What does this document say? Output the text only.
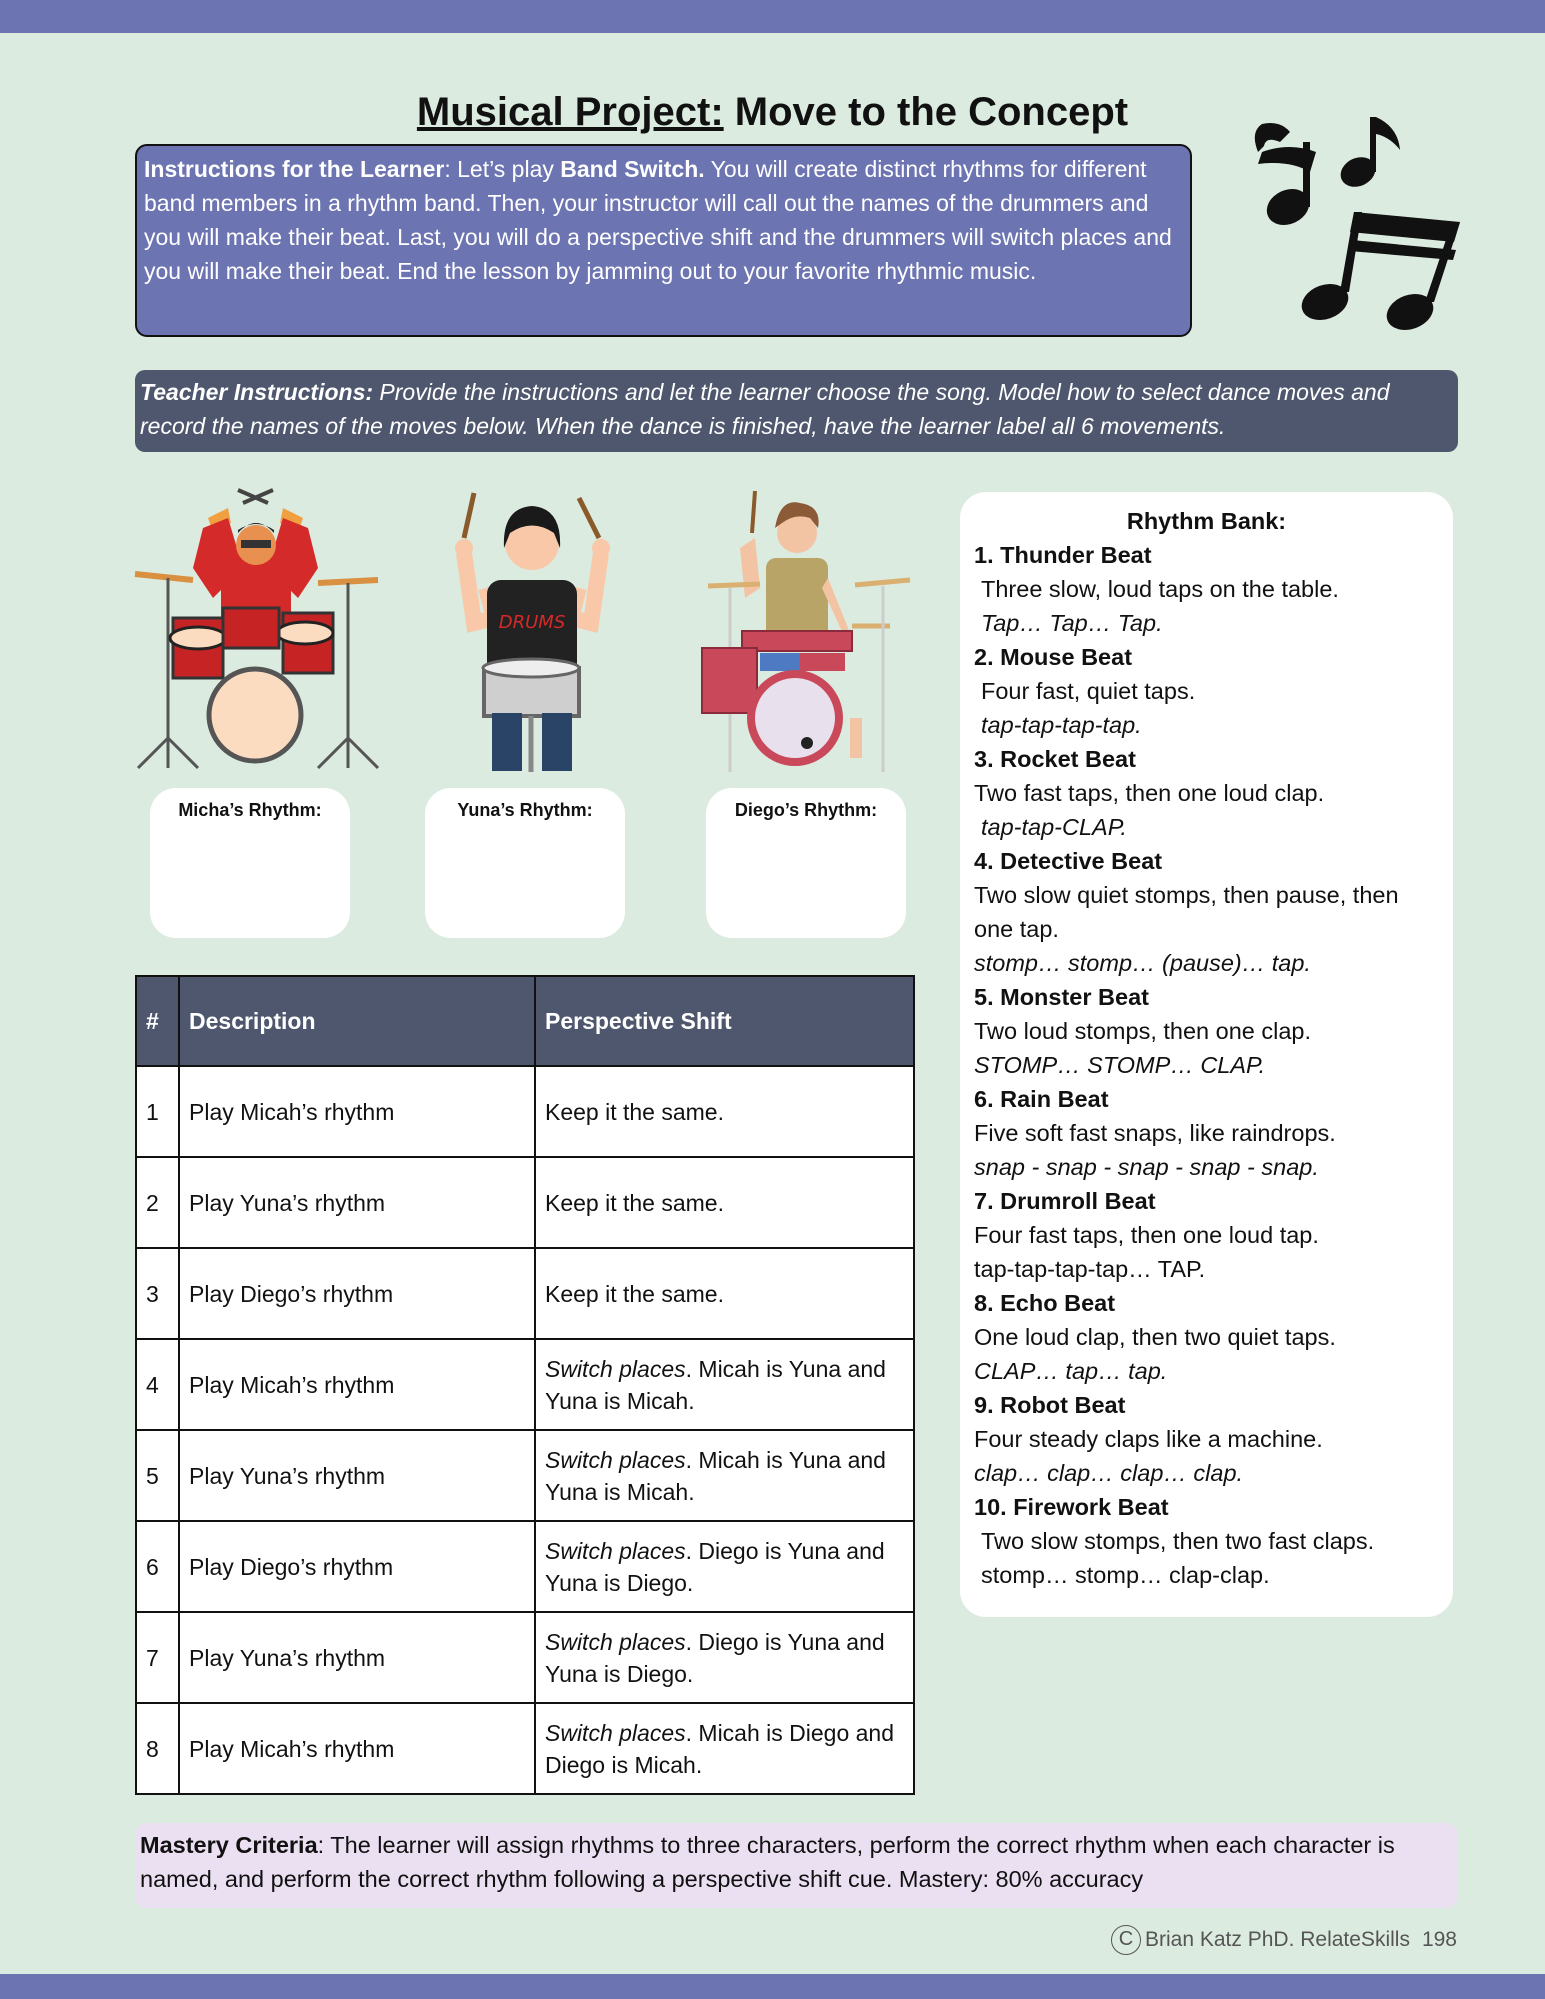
Musical Project: Move to the Concept
Instructions for the Learner: Let’s play Band Switch. You will create distinct rhythms for different band members in a rhythm band. Then, your instructor will call out the names of the drummers and you will make their beat. Last, you will do a perspective shift and the drummers will switch places and you will make their beat. End the lesson by jamming out to your favorite rhythmic music.
Teacher Instructions: Provide the instructions and let the learner choose the song. Model how to select dance moves and record the names of the moves below. When the dance is finished, have the learner label all 6 movements.
DRUMS
Micha’s Rhythm:	Yuna’s Rhythm:	Diego’s Rhythm:
Rhythm Bank:
1. Thunder Beat
Three slow, loud taps on the table.
Tap… Tap… Tap.
2. Mouse Beat
Four fast, quiet taps.
tap-tap-tap-tap.
3. Rocket Beat
Two fast taps, then one loud clap.
tap-tap-CLAP.
4. Detective Beat
Two slow quiet stomps, then pause, then one tap.
stomp… stomp… (pause)… tap.
5. Monster Beat
Two loud stomps, then one clap.
STOMP… STOMP… CLAP.
6. Rain Beat
Five soft fast snaps, like raindrops.
snap - snap - snap - snap - snap.
7. Drumroll Beat
Four fast taps, then one loud tap.
tap-tap-tap-tap… TAP.
8. Echo Beat
One loud clap, then two quiet taps.
CLAP… tap… tap.
9. Robot Beat
Four steady claps like a machine.
clap… clap… clap… clap.
10. Firework Beat
Two slow stomps, then two fast claps.
stomp… stomp… clap-clap.
#	Description	Perspective Shift
1	Play Micah’s rhythm	Keep it the same.
2	Play Yuna’s rhythm	Keep it the same.
3	Play Diego’s rhythm	Keep it the same.
4	Play Micah’s rhythm	Switch places. Micah is Yuna and Yuna is Micah.
5	Play Yuna’s rhythm	Switch places. Micah is Yuna and Yuna is Micah.
6	Play Diego’s rhythm	Switch places. Diego is Yuna and Yuna is Diego.
7	Play Yuna’s rhythm	Switch places. Diego is Yuna and Yuna is Diego.
8	Play Micah’s rhythm	Switch places. Micah is Diego and Diego is Micah.
Mastery Criteria: The learner will assign rhythms to three characters, perform the correct rhythm when each character is named, and perform the correct rhythm following a perspective shift cue. Mastery: 80% accuracy
C Brian Katz PhD. RelateSkills 198
